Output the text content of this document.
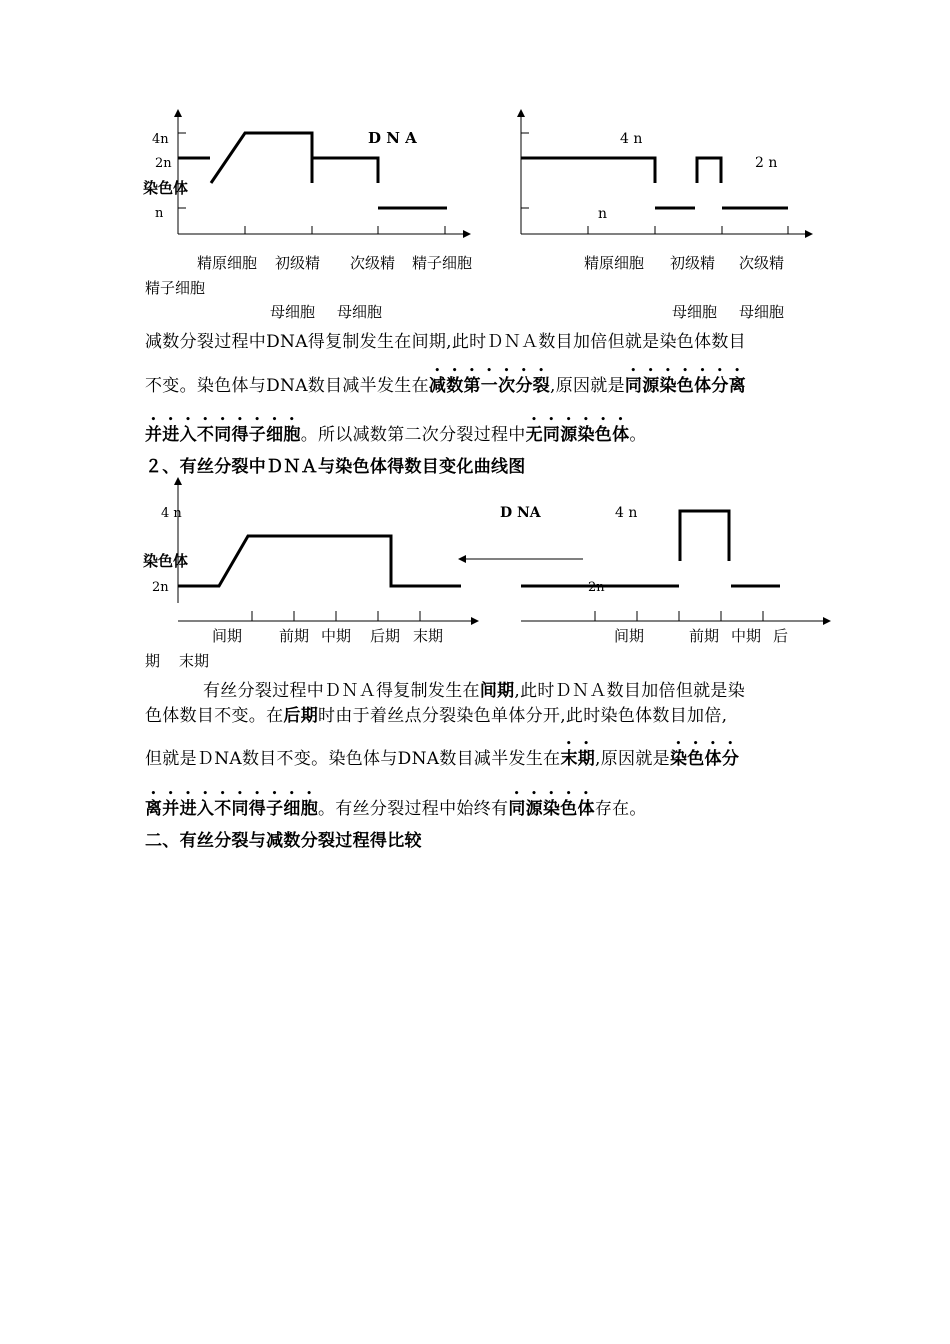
4n
2n
n
染色体
D N A
精原细胞 初级精 次级精 精子细胞
精子细胞
母细胞 母细胞
4 n
2 n
n
精原细胞 初级精 次级精
母细胞 母细胞
4 n
2n
染色体
D NA
间期 前期 中期 后期 末期
4 n
2n
间期	前期 中期 后
期 末期
减数分裂过程中DNA得复制发生在间期,此时ＤＮＡ数目加倍但就是染色体数目
不变。染色体与DNA数目减半发生在减数第一次分裂,原因就是同源染色体分离
并进入不同得子细胞。所以减数第二次分裂过程中无同源染色体。
２、有丝分裂中ＤＮＡ与染色体得数目变化曲线图
有丝分裂过程中ＤＮＡ得复制发生在间期,此时ＤＮＡ数目加倍但就是染
色体数目不变。在后期时由于着丝点分裂染色单体分开,此时染色体数目加倍,
但就是ＤNA数目不变。染色体与DNA数目减半发生在末期,原因就是染色体分
离并进入不同得子细胞。有丝分裂过程中始终有同源染色体存在。
二、有丝分裂与减数分裂过程得比较
